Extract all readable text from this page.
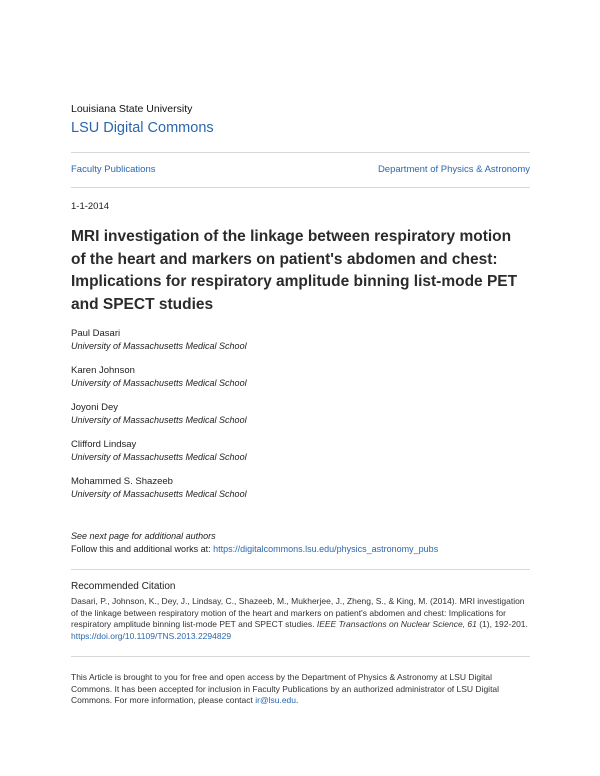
Louisiana State University
LSU Digital Commons
Faculty Publications	Department of Physics & Astronomy
1-1-2014
MRI investigation of the linkage between respiratory motion of the heart and markers on patient's abdomen and chest: Implications for respiratory amplitude binning list-mode PET and SPECT studies
Paul Dasari
University of Massachusetts Medical School
Karen Johnson
University of Massachusetts Medical School
Joyoni Dey
University of Massachusetts Medical School
Clifford Lindsay
University of Massachusetts Medical School
Mohammed S. Shazeeb
University of Massachusetts Medical School
See next page for additional authors
Follow this and additional works at: https://digitalcommons.lsu.edu/physics_astronomy_pubs
Recommended Citation
Dasari, P., Johnson, K., Dey, J., Lindsay, C., Shazeeb, M., Mukherjee, J., Zheng, S., & King, M. (2014). MRI investigation of the linkage between respiratory motion of the heart and markers on patient's abdomen and chest: Implications for respiratory amplitude binning list-mode PET and SPECT studies. IEEE Transactions on Nuclear Science, 61 (1), 192-201. https://doi.org/10.1109/TNS.2013.2294829
This Article is brought to you for free and open access by the Department of Physics & Astronomy at LSU Digital Commons. It has been accepted for inclusion in Faculty Publications by an authorized administrator of LSU Digital Commons. For more information, please contact ir@lsu.edu.
